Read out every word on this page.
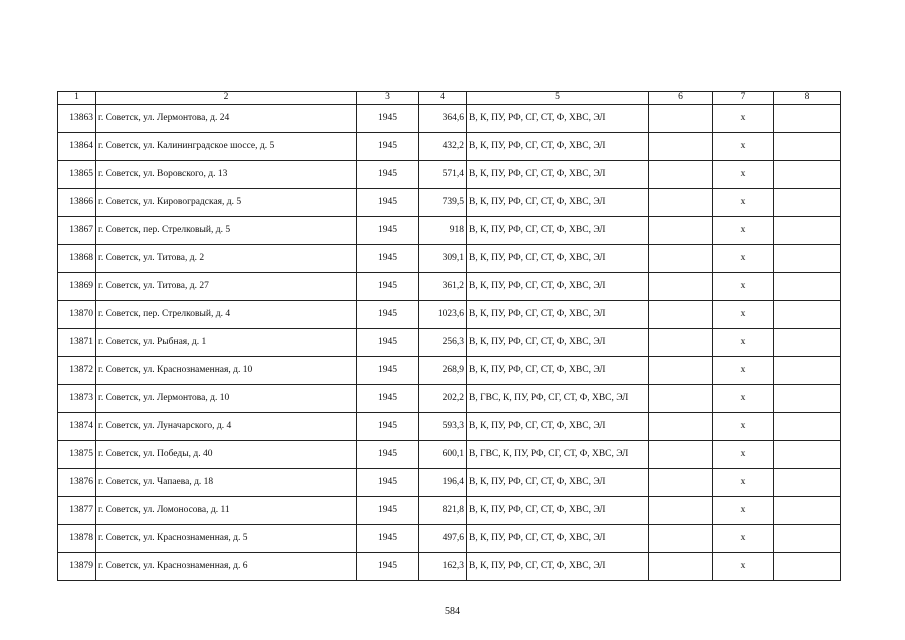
1	2	3	4	5	6	7	8
13863	г. Советск, ул. Лермонтова, д. 24	1945	364,6	В, К, ПУ, РФ, СГ, СТ, Ф, ХВС, ЭЛ		x	
13864	г. Советск, ул. Калининградское шоссе, д. 5	1945	432,2	В, К, ПУ, РФ, СГ, СТ, Ф, ХВС, ЭЛ		x	
13865	г. Советск, ул. Воровского, д. 13	1945	571,4	В, К, ПУ, РФ, СГ, СТ, Ф, ХВС, ЭЛ		x	
13866	г. Советск, ул. Кировоградская, д. 5	1945	739,5	В, К, ПУ, РФ, СГ, СТ, Ф, ХВС, ЭЛ		x	
13867	г. Советск, пер. Стрелковый, д. 5	1945	918	В, К, ПУ, РФ, СГ, СТ, Ф, ХВС, ЭЛ		x	
13868	г. Советск, ул. Титова, д. 2	1945	309,1	В, К, ПУ, РФ, СГ, СТ, Ф, ХВС, ЭЛ		x	
13869	г. Советск, ул. Титова, д. 27	1945	361,2	В, К, ПУ, РФ, СГ, СТ, Ф, ХВС, ЭЛ		x	
13870	г. Советск, пер. Стрелковый, д. 4	1945	1023,6	В, К, ПУ, РФ, СГ, СТ, Ф, ХВС, ЭЛ		x	
13871	г. Советск, ул. Рыбная, д. 1	1945	256,3	В, К, ПУ, РФ, СГ, СТ, Ф, ХВС, ЭЛ		x	
13872	г. Советск, ул. Краснознаменная, д. 10	1945	268,9	В, К, ПУ, РФ, СГ, СТ, Ф, ХВС, ЭЛ		x	
13873	г. Советск, ул. Лермонтова, д. 10	1945	202,2	В, ГВС, К, ПУ, РФ, СГ, СТ, Ф, ХВС, ЭЛ		x	
13874	г. Советск, ул. Луначарского, д. 4	1945	593,3	В, К, ПУ, РФ, СГ, СТ, Ф, ХВС, ЭЛ		x	
13875	г. Советск, ул. Победы, д. 40	1945	600,1	В, ГВС, К, ПУ, РФ, СГ, СТ, Ф, ХВС, ЭЛ		x	
13876	г. Советск, ул. Чапаева, д. 18	1945	196,4	В, К, ПУ, РФ, СГ, СТ, Ф, ХВС, ЭЛ		x	
13877	г. Советск, ул. Ломоносова, д. 11	1945	821,8	В, К, ПУ, РФ, СГ, СТ, Ф, ХВС, ЭЛ		x	
13878	г. Советск, ул. Краснознаменная, д. 5	1945	497,6	В, К, ПУ, РФ, СГ, СТ, Ф, ХВС, ЭЛ		x	
13879	г. Советск, ул. Краснознаменная, д. 6	1945	162,3	В, К, ПУ, РФ, СГ, СТ, Ф, ХВС, ЭЛ		x	
584
